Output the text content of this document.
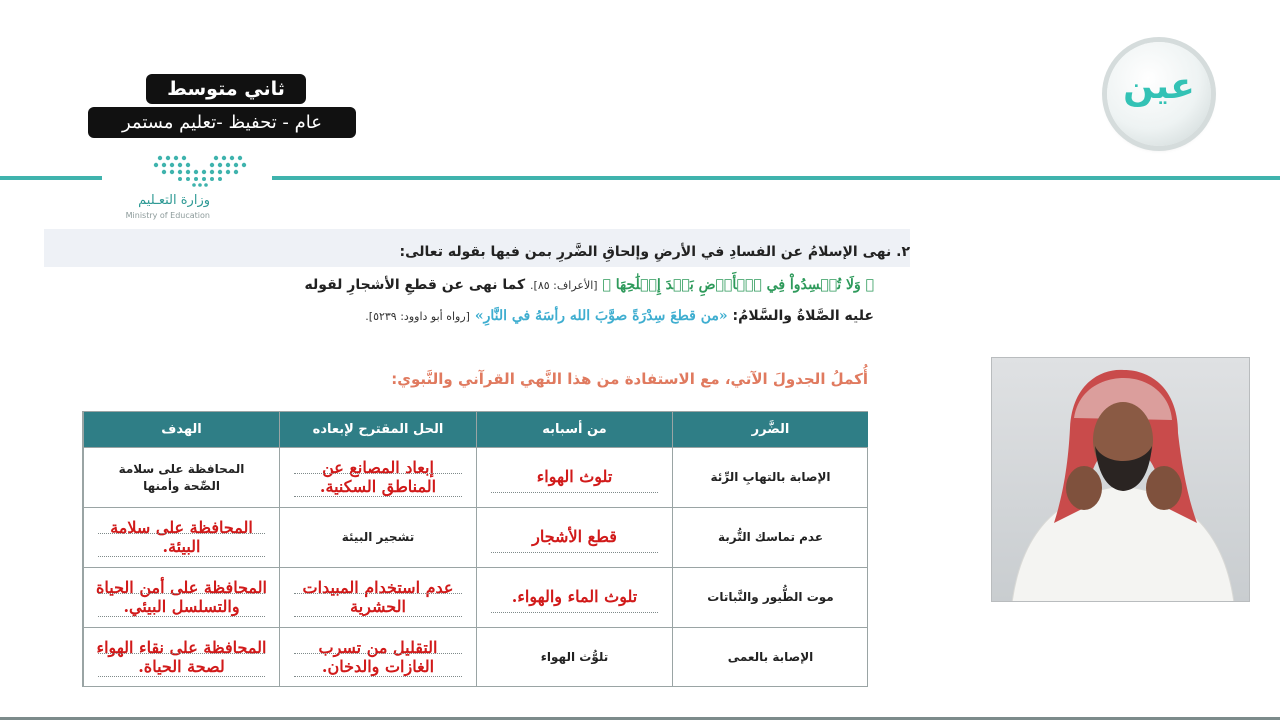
ثاني متوسط
عام - تحفيظ -تعليم مستمر
عين
وزارة التعـليم
Ministry of Education
٢. نهى الإسلامُ عن الفسادِ في الأرضِ وإلحاقِ الضَّررِ بمن فيها بقوله تعالى:
﴿ وَلَا تُفۡسِدُواْ فِي ٱلۡأَرۡضِ بَعۡدَ إِصۡلَٰحِهَا ﴾ [الأعراف: ٨٥]. كما نهى عن قطعِ الأشجارِ لقوله
عليه الصَّلاةُ والسَّلامُ: «من قطعَ سِدْرَةً صوَّبَ الله رأسَهُ في النَّارِ» [رواه أبو داوود: ٥٢٣٩].
أُكملُ الجدولَ الآتي، مع الاستفادة من هذا النَّهي القرآني والنَّبوي:
الضَّرر
من أسبابه
الحل المقترح لإبعاده
الهدف
الإصابة بالتهابِ الرِّئة
تلوث الهواء
إبعاد المصانع عن المناطق السكنية.
المحافظة على سلامة الصِّحة وأمنها
عدم تماسك التُّربة
قطع الأشجار
تشجير البيئة
المحافظة على سلامة البيئة.
موت الطُّيور والنَّباتات
تلوث الماء والهواء.
عدم استخدام المبيدات الحشرية
المحافظة على أمن الحياة والتسلسل البيئي.
الإصابة بالعمى
تلوُّث الهواء
التقليل من تسرب الغازات والدخان.
المحافظة على نقاء الهواء لصحة الحياة.
